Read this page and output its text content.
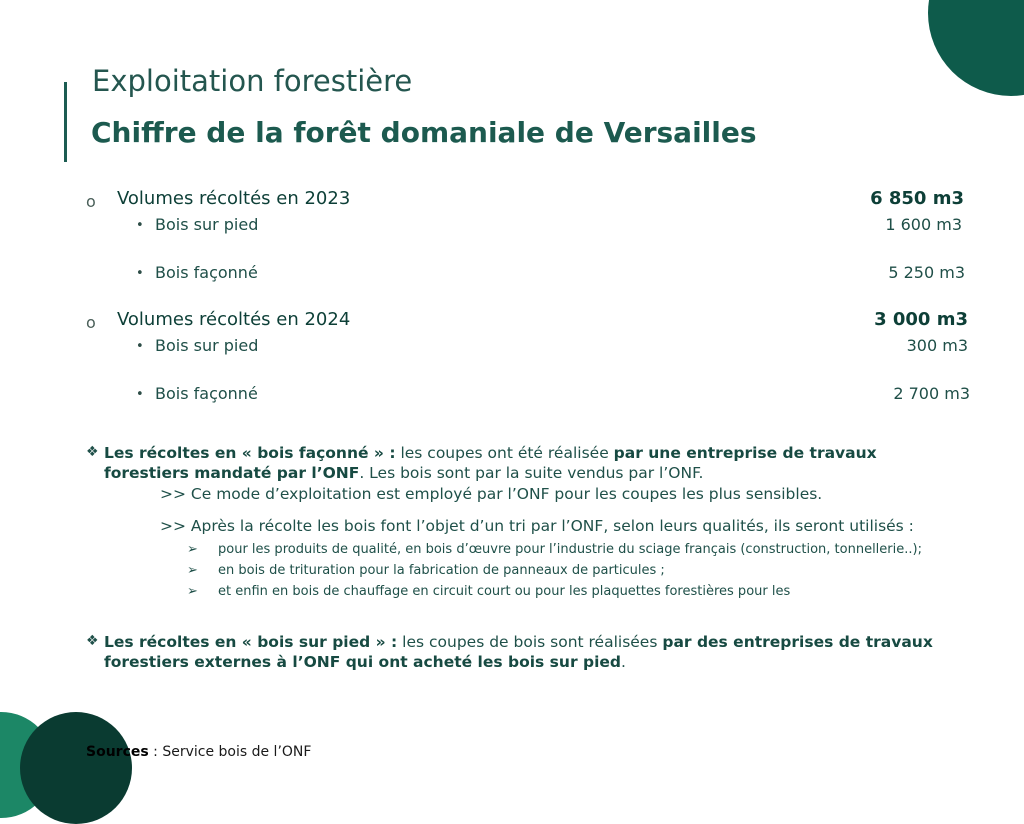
Exploitation forestière
Chiffre de la forêt domaniale de Versailles
o Volumes récoltés en 2023	6 850 m3
• Bois sur pied	1 600 m3
• Bois façonné	5 250 m3
o Volumes récoltés en 2024	3 000 m3
• Bois sur pied	300 m3
• Bois façonné	2 700 m3
❖ Les récoltes en « bois façonné » : les coupes ont été réalisée par une entreprise de travaux forestiers mandaté par l’ONF. Les bois sont par la suite vendus par l’ONF.
>> Ce mode d’exploitation est employé par l’ONF pour les coupes les plus sensibles.
>> Après la récolte les bois font l’objet d’un tri par l’ONF, selon leurs qualités, ils seront utilisés :
➢ pour les produits de qualité, en bois d’œuvre pour l’industrie du sciage français (construction, tonnellerie..);
➢ en bois de trituration pour la fabrication de panneaux de particules ;
➢ et enfin en bois de chauffage en circuit court ou pour les plaquettes forestières pour les
❖ Les récoltes en « bois sur pied » : les coupes de bois sont réalisées par des entreprises de travaux forestiers externes à l’ONF qui ont acheté les bois sur pied.
Sources : Service bois de l’ONF
